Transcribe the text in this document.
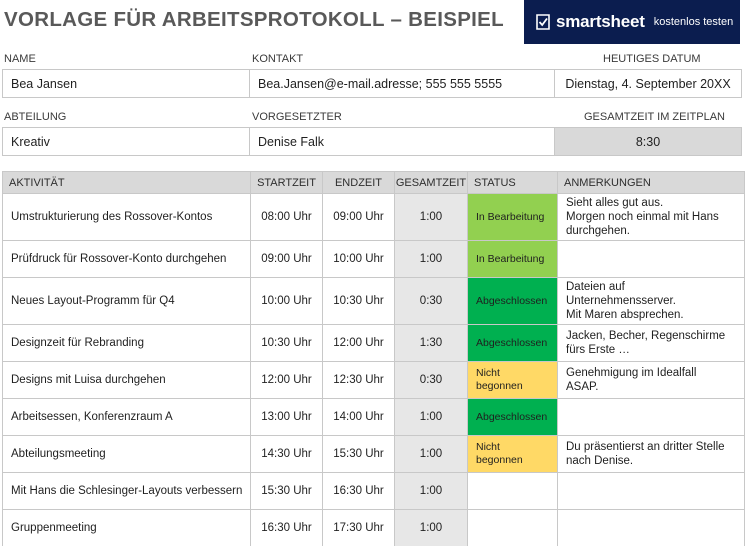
VORLAGE FÜR ARBEITSPROTOKOLL – BEISPIEL	smartsheet kostenlos testen
NAME	KONTAKT	HEUTIGES DATUM
Bea Jansen	Bea.Jansen@e-mail.adresse; 555 555 5555	Dienstag, 4. September 20XX
ABTEILUNG	VORGESETZTER	GESAMTZEIT IM ZEITPLAN
Kreativ	Denise Falk	8:30
AKTIVITÄT	STARTZEIT	ENDZEIT	GESAMTZEIT	STATUS	ANMERKUNGEN
Umstrukturierung des Rossover-Kontos	08:00 Uhr	09:00 Uhr	1:00	In Bearbeitung	Sieht alles gut aus.
Morgen noch einmal mit Hans
durchgehen.
Prüfdruck für Rossover-Konto durchgehen	09:00 Uhr	10:00 Uhr	1:00	In Bearbeitung	
Neues Layout-Programm für Q4	10:00 Uhr	10:30 Uhr	0:30	Abgeschlossen	Dateien auf
Unternehmensserver.
Mit Maren absprechen.
Designzeit für Rebranding	10:30 Uhr	12:00 Uhr	1:30	Abgeschlossen	Jacken, Becher, Regenschirme
fürs Erste …
Designs mit Luisa durchgehen	12:00 Uhr	12:30 Uhr	0:30	Nicht begonnen	Genehmigung im Idealfall
ASAP.
Arbeitsessen, Konferenzraum A	13:00 Uhr	14:00 Uhr	1:00	Abgeschlossen	
Abteilungsmeeting	14:30 Uhr	15:30 Uhr	1:00	Nicht begonnen	Du präsentierst an dritter Stelle
nach Denise.
Mit Hans die Schlesinger-Layouts verbessern	15:30 Uhr	16:30 Uhr	1:00		
Gruppenmeeting	16:30 Uhr	17:30 Uhr	1:00		
